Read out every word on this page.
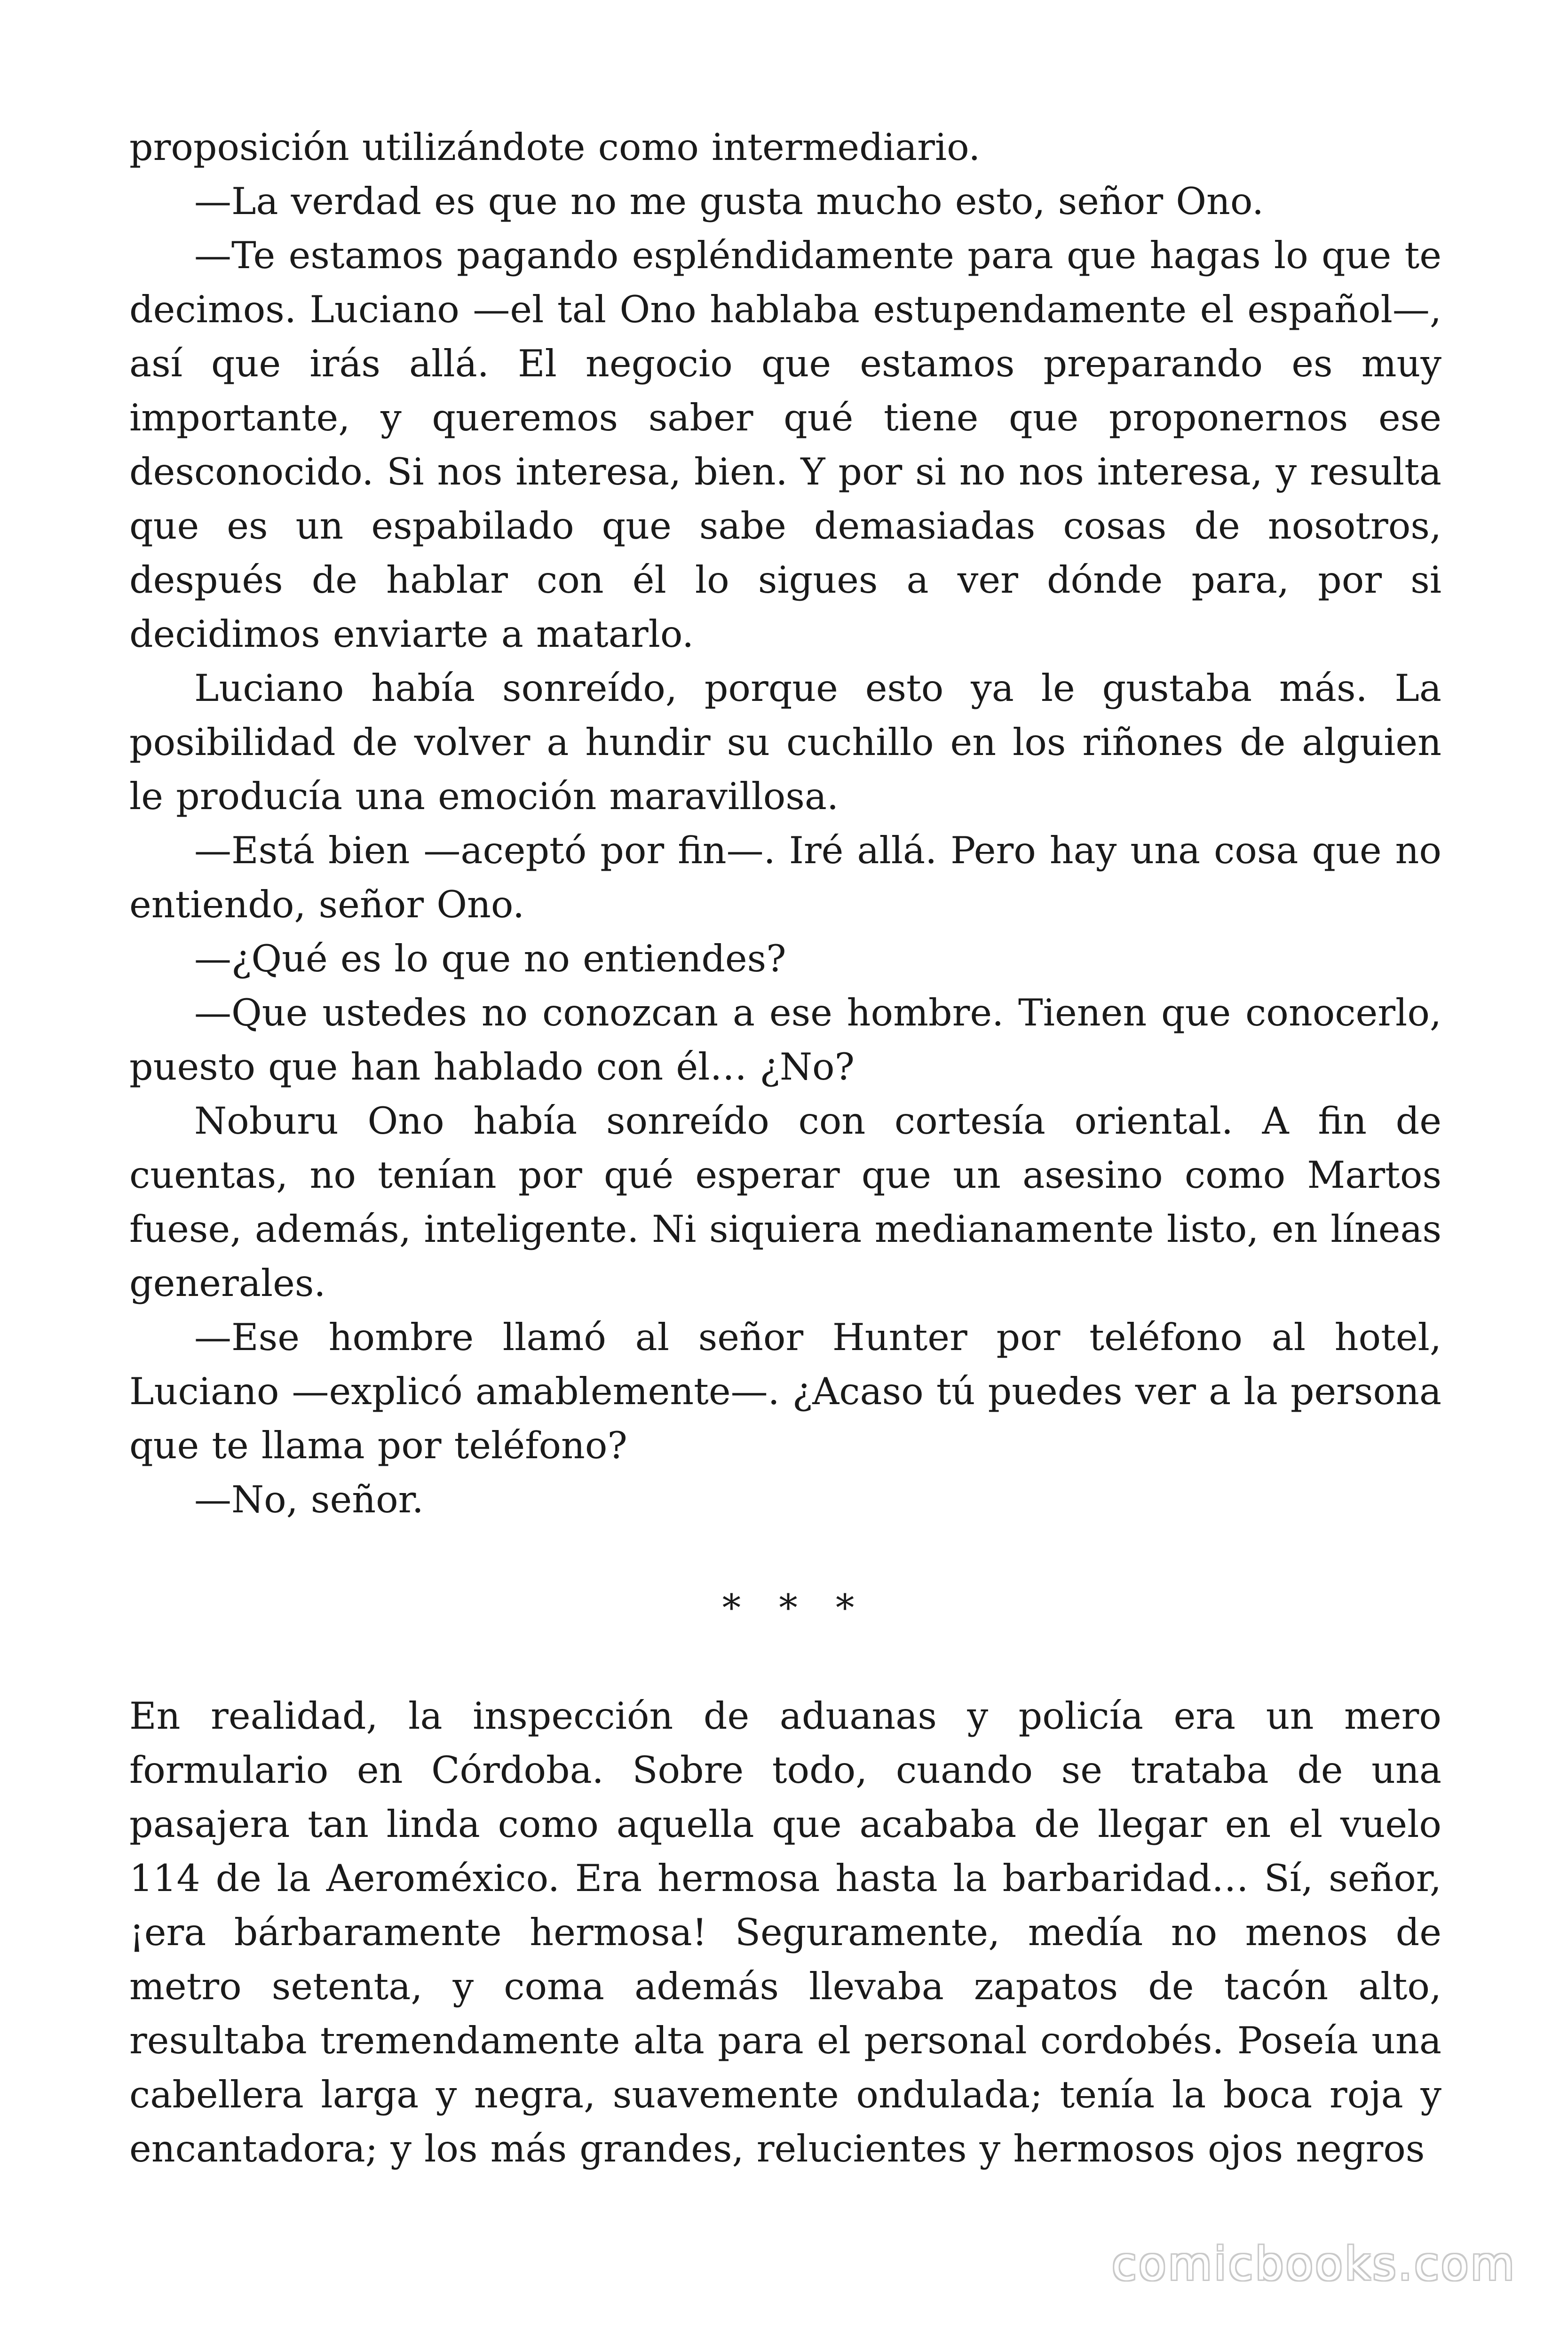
proposición utilizándote como intermediario.

—La verdad es que no me gusta mucho esto, señor Ono.

—Te estamos pagando espléndidamente para que hagas lo que te decimos. Luciano —el tal Ono hablaba estupendamente el español—, así que irás allá. El negocio que estamos preparando es muy importante, y queremos saber qué tiene que proponernos ese desconocido. Si nos interesa, bien. Y por si no nos interesa, y resulta que es un espabilado que sabe demasiadas cosas de nosotros, después de hablar con él lo sigues a ver dónde para, por si decidimos enviarte a matarlo.

Luciano había sonreído, porque esto ya le gustaba más. La posibilidad de volver a hundir su cuchillo en los riñones de alguien le producía una emoción maravillosa.

—Está bien —aceptó por fin—. Iré allá. Pero hay una cosa que no entiendo, señor Ono.

—¿Qué es lo que no entiendes?

—Que ustedes no conozcan a ese hombre. Tienen que conocerlo, puesto que han hablado con él… ¿No?

Noburu Ono había sonreído con cortesía oriental. A fin de cuentas, no tenían por qué esperar que un asesino como Martos fuese, además, inteligente. Ni siquiera medianamente listo, en líneas generales.

—Ese hombre llamó al señor Hunter por teléfono al hotel, Luciano —explicó amablemente—. ¿Acaso tú puedes ver a la persona que te llama por teléfono?

—No, señor.

* * *

En realidad, la inspección de aduanas y policía era un mero formulario en Córdoba. Sobre todo, cuando se trataba de una pasajera tan linda como aquella que acababa de llegar en el vuelo 114 de la Aeroméxico. Era hermosa hasta la barbaridad… Sí, señor, ¡era bárbaramente hermosa! Seguramente, medía no menos de metro setenta, y coma además llevaba zapatos de tacón alto, resultaba tremendamente alta para el personal cordobés. Poseía una cabellera larga y negra, suavemente ondulada; tenía la boca roja y encantadora; y los más grandes, relucientes y hermosos ojos negros

comicbooks.com
